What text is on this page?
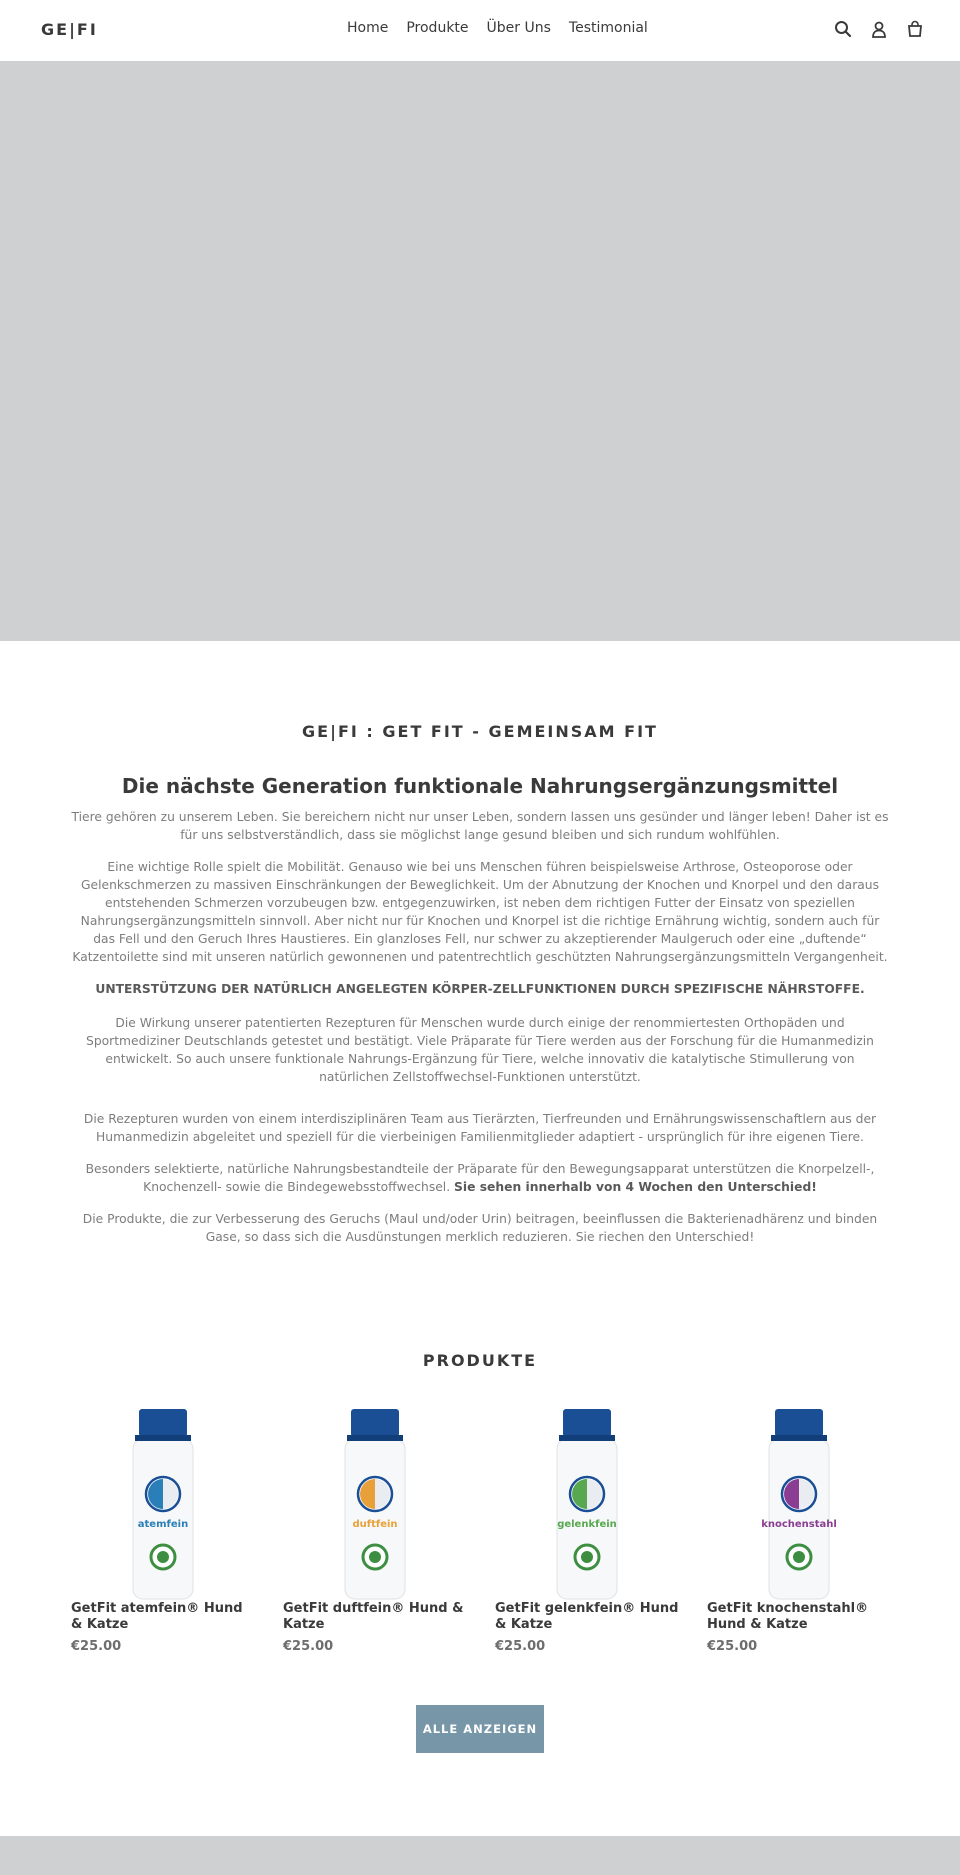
GE|FI	Home Produkte Über Uns Testimonial
GE|FI : GET FIT - GEMEINSAM FIT
Die nächste Generation funktionale Nahrungsergänzungsmittel

Tiere gehören zu unserem Leben. Sie bereichern nicht nur unser Leben, sondern lassen uns gesünder und länger leben! Daher ist es für uns selbstverständlich, dass sie möglichst lange gesund bleiben und sich rundum wohlfühlen.

Eine wichtige Rolle spielt die Mobilität. Genauso wie bei uns Menschen führen beispielsweise Arthrose, Osteoporose oder Gelenkschmerzen zu massiven Einschränkungen der Beweglichkeit. Um der Abnutzung der Knochen und Knorpel und den daraus entstehenden Schmerzen vorzubeugen bzw. entgegenzuwirken, ist neben dem richtigen Futter der Einsatz von speziellen Nahrungsergänzungsmitteln sinnvoll. Aber nicht nur für Knochen und Knorpel ist die richtige Ernährung wichtig, sondern auch für das Fell und den Geruch Ihres Haustieres. Ein glanzloses Fell, nur schwer zu akzeptierender Maulgeruch oder eine „duftende“ Katzentoilette sind mit unseren natürlich gewonnenen und patentrechtlich geschützten Nahrungsergänzungsmitteln Vergangenheit.

UNTERSTÜTZUNG DER NATÜRLICH ANGELEGTEN KÖRPER-ZELLFUNKTIONEN DURCH SPEZIFISCHE NÄHRSTOFFE.

Die Wirkung unserer patentierten Rezepturen für Menschen wurde durch einige der renommiertesten Orthopäden und Sportmediziner Deutschlands getestet und bestätigt. Viele Präparate für Tiere werden aus der Forschung für die Humanmedizin entwickelt. So auch unsere funktionale Nahrungs-Ergänzung für Tiere, welche innovativ die katalytische Stimullerung von natürlichen Zellstoffwechsel-Funktionen unterstützt.

Die Rezepturen wurden von einem interdisziplinären Team aus Tierärzten, Tierfreunden und Ernährungswissenschaftlern aus der Humanmedizin abgeleitet und speziell für die vierbeinigen Familienmitglieder adaptiert - ursprünglich für ihre eigenen Tiere.

Besonders selektierte, natürliche Nahrungsbestandteile der Präparate für den Bewegungsapparat unterstützen die Knorpelzell-, Knochenzell- sowie die Bindegewebsstoffwechsel. Sie sehen innerhalb von 4 Wochen den Unterschied!

Die Produkte, die zur Verbesserung des Geruchs (Maul und/oder Urin) beitragen, beeinflussen die Bakterienadhärenz und binden Gase, so dass sich die Ausdünstungen merklich reduzieren. Sie riechen den Unterschied!

PRODUKTE
atemfein
GetFit atemfein® Hund & Katze
€25.00
duftfein
GetFit duftfein® Hund & Katze
€25.00
gelenkfein
GetFit gelenkfein® Hund & Katze
€25.00
knochenstahl
GetFit knochenstahl® Hund & Katze
€25.00
ALLE ANZEIGEN
